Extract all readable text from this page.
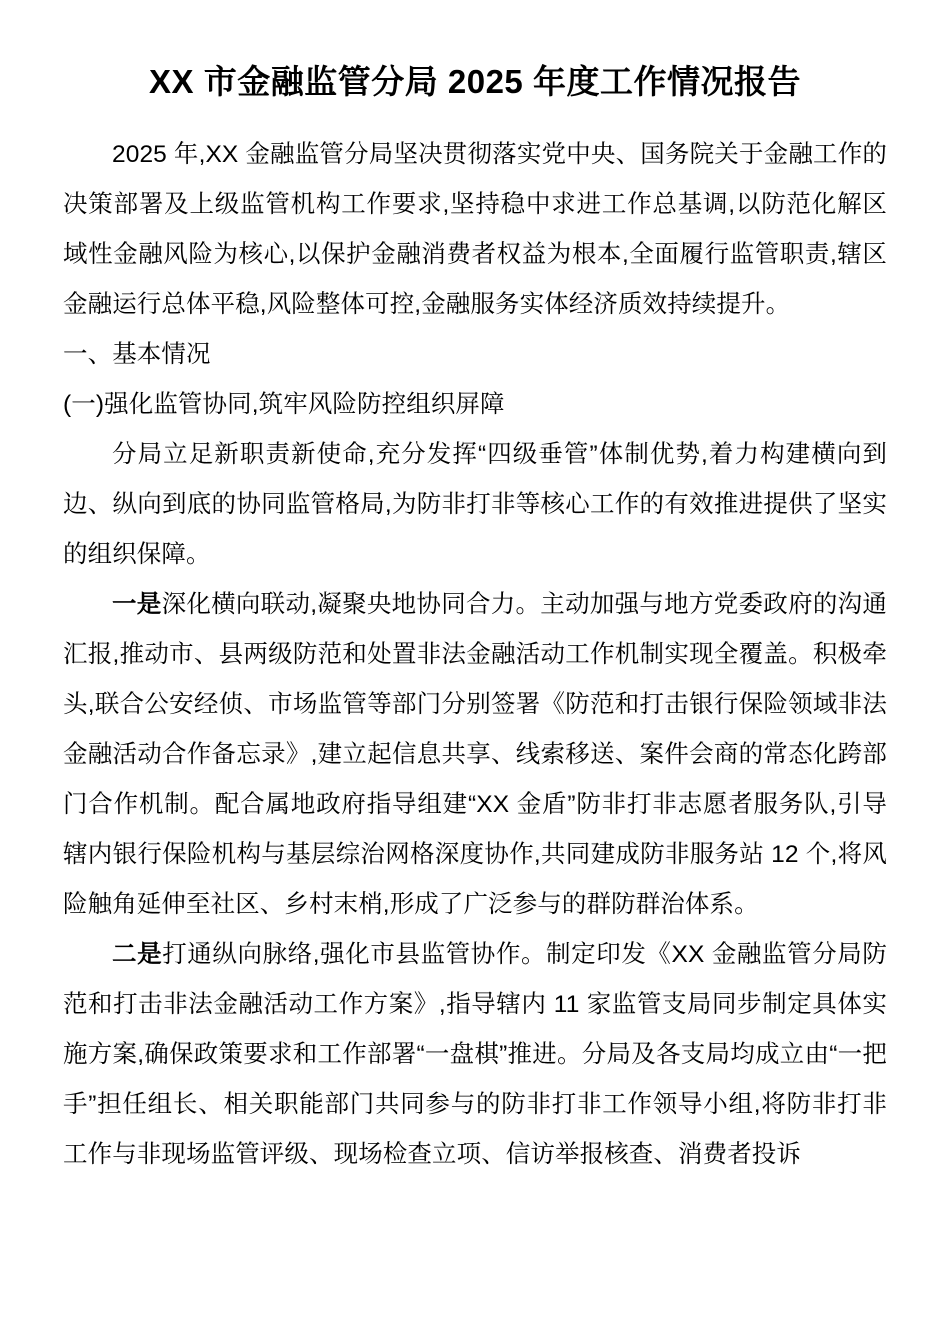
XX 市金融监管分局 2025 年度工作情况报告

2025 年,XX 金融监管分局坚决贯彻落实党中央、国务院关于金融工作的决策部署及上级监管机构工作要求,坚持稳中求进工作总基调,以防范化解区域性金融风险为核心,以保护金融消费者权益为根本,全面履行监管职责,辖区金融运行总体平稳,风险整体可控,金融服务实体经济质效持续提升。

一、基本情况

(一)强化监管协同,筑牢风险防控组织屏障

分局立足新职责新使命,充分发挥“四级垂管”体制优势,着力构建横向到边、纵向到底的协同监管格局,为防非打非等核心工作的有效推进提供了坚实的组织保障。

一是深化横向联动,凝聚央地协同合力。主动加强与地方党委政府的沟通汇报,推动市、县两级防范和处置非法金融活动工作机制实现全覆盖。积极牵头,联合公安经侦、市场监管等部门分别签署《防范和打击银行保险领域非法金融活动合作备忘录》,建立起信息共享、线索移送、案件会商的常态化跨部门合作机制。配合属地政府指导组建“XX 金盾”防非打非志愿者服务队,引导辖内银行保险机构与基层综治网格深度协作,共同建成防非服务站 12 个,将风险触角延伸至社区、乡村末梢,形成了广泛参与的群防群治体系。

二是打通纵向脉络,强化市县监管协作。制定印发《XX 金融监管分局防范和打击非法金融活动工作方案》,指导辖内 11 家监管支局同步制定具体实施方案,确保政策要求和工作部署“一盘棋”推进。分局及各支局均成立由“一把手”担任组长、相关职能部门共同参与的防非打非工作领导小组,将防非打非工作与非现场监管评级、现场检查立项、信访举报核查、消费者投诉
